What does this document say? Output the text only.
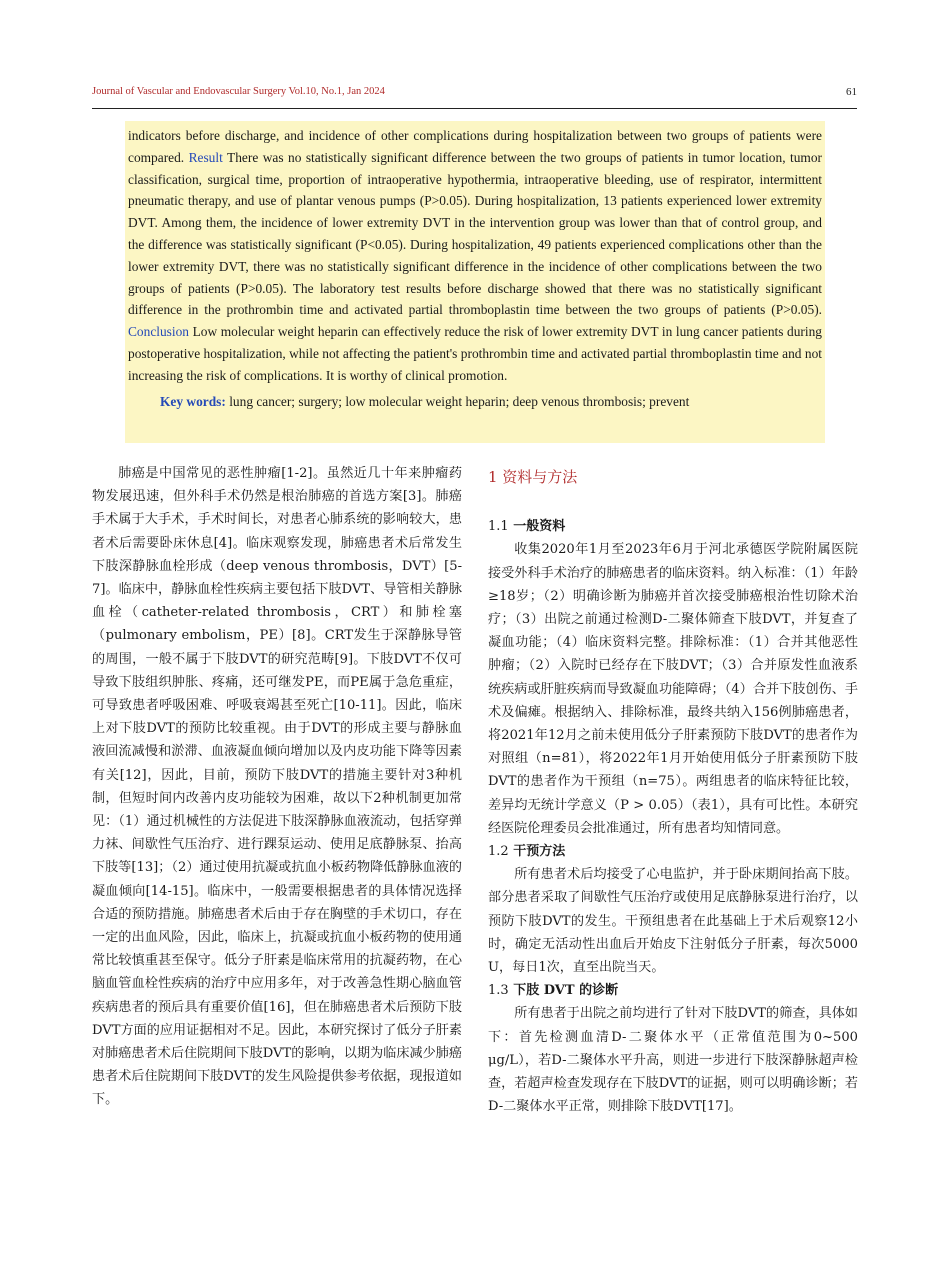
Journal of Vascular and Endovascular Surgery Vol.10, No.1, Jan 2024	61

indicators before discharge, and incidence of other complications during hospitalization between two groups of patients were compared. Result There was no statistically significant difference between the two groups of patients in tumor location, tumor classification, surgical time, proportion of intraoperative hypothermia, intraoperative bleeding, use of respirator, intermittent pneumatic therapy, and use of plantar venous pumps (P>0.05). During hospitalization, 13 patients experienced lower extremity DVT. Among them, the incidence of lower extremity DVT in the intervention group was lower than that of control group, and the difference was statistically significant (P<0.05). During hospitalization, 49 patients experienced complications other than the lower extremity DVT, there was no statistically significant difference in the incidence of other complications between the two groups of patients (P>0.05). The laboratory test results before discharge showed that there was no statistically significant difference in the prothrombin time and activated partial thromboplastin time between the two groups of patients (P>0.05). Conclusion Low molecular weight heparin can effectively reduce the risk of lower extremity DVT in lung cancer patients during postoperative hospitalization, while not affecting the patient's prothrombin time and activated partial thromboplastin time and not increasing the risk of complications. It is worthy of clinical promotion.

Key words: lung cancer; surgery; low molecular weight heparin; deep venous thrombosis; prevent

肺癌是中国常见的恶性肿瘤[1-2]。虽然近几十年来肿瘤药物发展迅速，但外科手术仍然是根治肺癌的首选方案[3]。肺癌手术属于大手术，手术时间长，对患者心肺系统的影响较大，患者术后需要卧床休息[4]。临床观察发现，肺癌患者术后常发生下肢深静脉血栓形成（deep venous thrombosis，DVT）[5-7]。临床中，静脉血栓性疾病主要包括下肢DVT、导管相关静脉血栓（catheter-related thrombosis，CRT）和肺栓塞（pulmonary embolism，PE）[8]。CRT发生于深静脉导管的周围，一般不属于下肢DVT的研究范畴[9]。下肢DVT不仅可导致下肢组织肿胀、疼痛，还可继发PE，而PE属于急危重症，可导致患者呼吸困难、呼吸衰竭甚至死亡[10-11]。因此，临床上对下肢DVT的预防比较重视。由于DVT的形成主要与静脉血液回流减慢和淤滞、血液凝血倾向增加以及内皮功能下降等因素有关[12]，因此，目前，预防下肢DVT的措施主要针对3种机制，但短时间内改善内皮功能较为困难，故以下2种机制更加常见：（1）通过机械性的方法促进下肢深静脉血液流动，包括穿弹力袜、间歇性气压治疗、进行踝泵运动、使用足底静脉泵、抬高下肢等[13]；（2）通过使用抗凝或抗血小板药物降低静脉血液的凝血倾向[14-15]。临床中，一般需要根据患者的具体情况选择合适的预防措施。肺癌患者术后由于存在胸壁的手术切口，存在一定的出血风险，因此，临床上，抗凝或抗血小板药物的使用通常比较慎重甚至保守。低分子肝素是临床常用的抗凝药物，在心脑血管血栓性疾病的治疗中应用多年，对于改善急性期心脑血管疾病患者的预后具有重要价值[16]，但在肺癌患者术后预防下肢DVT方面的应用证据相对不足。因此，本研究探讨了低分子肝素对肺癌患者术后住院期间下肢DVT的影响，以期为临床减少肺癌患者术后住院期间下肢DVT的发生风险提供参考依据，现报道如下。

1 资料与方法

1.1 一般资料

收集2020年1月至2023年6月于河北承德医学院附属医院接受外科手术治疗的肺癌患者的临床资料。纳入标准：（1）年龄≥18岁；（2）明确诊断为肺癌并首次接受肺癌根治性切除术治疗；（3）出院之前通过检测D-二聚体筛查下肢DVT，并复查了凝血功能；（4）临床资料完整。排除标准：（1）合并其他恶性肿瘤；（2）入院时已经存在下肢DVT；（3）合并原发性血液系统疾病或肝脏疾病而导致凝血功能障碍；（4）合并下肢创伤、手术及偏瘫。根据纳入、排除标准，最终共纳入156例肺癌患者，将2021年12月之前未使用低分子肝素预防下肢DVT的患者作为对照组（n=81），将2022年1月开始使用低分子肝素预防下肢DVT的患者作为干预组（n=75）。两组患者的临床特征比较，差异均无统计学意义（P > 0.05）（表1），具有可比性。本研究经医院伦理委员会批准通过，所有患者均知情同意。

1.2 干预方法

所有患者术后均接受了心电监护，并于卧床期间抬高下肢。部分患者采取了间歇性气压治疗或使用足底静脉泵进行治疗，以预防下肢DVT的发生。干预组患者在此基础上于术后观察12小时，确定无活动性出血后开始皮下注射低分子肝素，每次5000 U，每日1次，直至出院当天。

1.3 下肢 DVT 的诊断

所有患者于出院之前均进行了针对下肢DVT的筛查，具体如下：首先检测血清D-二聚体水平（正常值范围为0~500 μg/L），若D-二聚体水平升高，则进一步进行下肢深静脉超声检查，若超声检查发现存在下肢DVT的证据，则可以明确诊断；若D-二聚体水平正常，则排除下肢DVT[17]。
